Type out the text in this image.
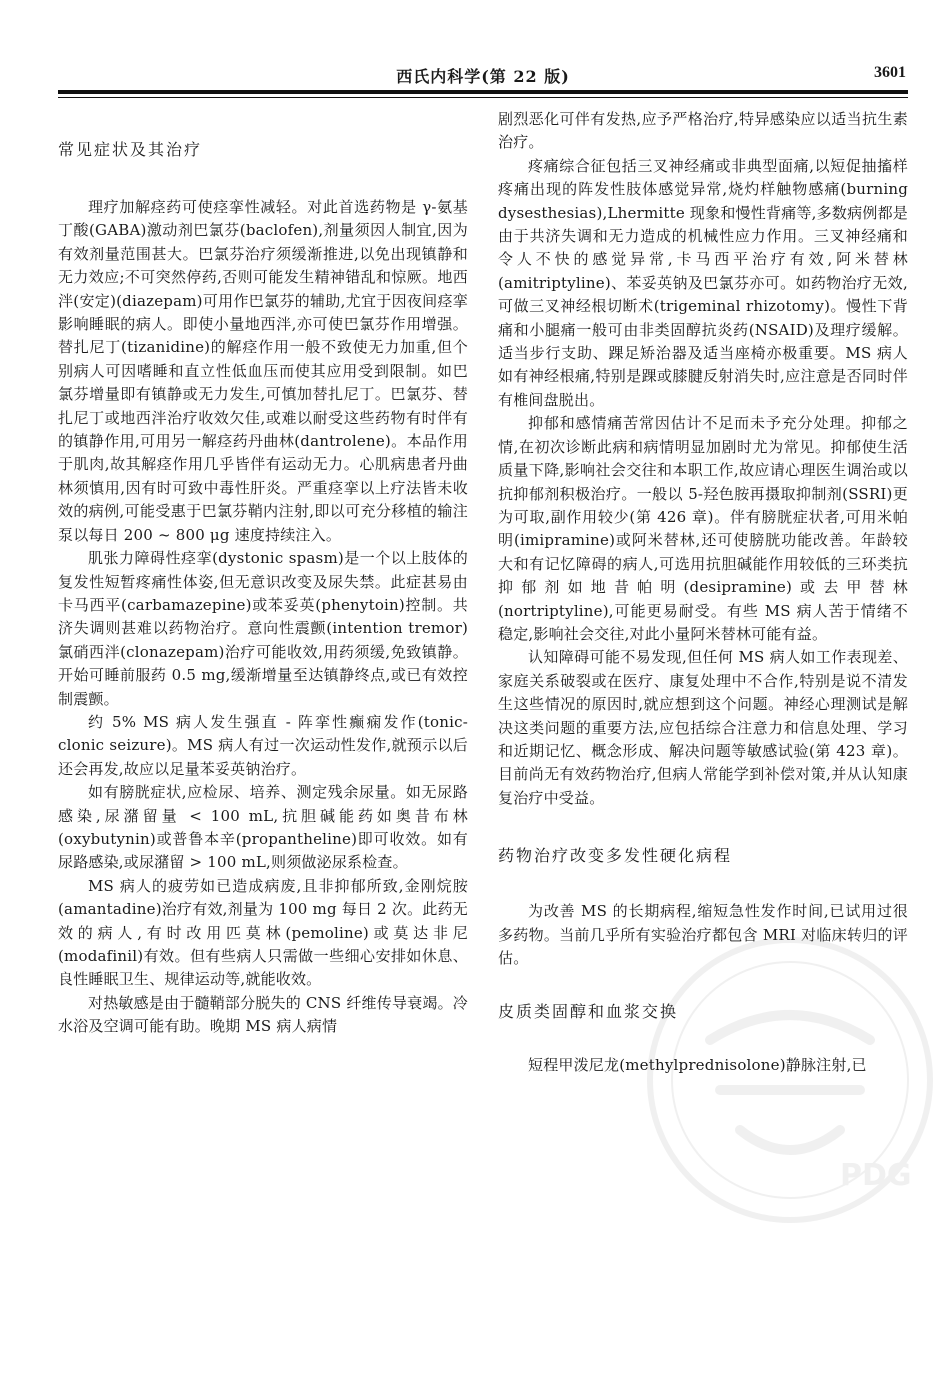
西氏内科学(第 22 版)	3601
常见症状及其治疗

理疗加解痉药可使痉挛性减轻。对此首选药物是 γ-氨基丁酸(GABA)激动剂巴氯芬(baclofen),剂量须因人制宜,因为有效剂量范围甚大。巴氯芬治疗须缓渐推进,以免出现镇静和无力效应;不可突然停药,否则可能发生精神错乱和惊厥。地西泮(安定)(diazepam)可用作巴氯芬的辅助,尤宜于因夜间痉挛影响睡眠的病人。即使小量地西泮,亦可使巴氯芬作用增强。替扎尼丁(tizanidine)的解痉作用一般不致使无力加重,但个别病人可因嗜睡和直立性低血压而使其应用受到限制。如巴氯芬增量即有镇静或无力发生,可慎加替扎尼丁。巴氯芬、替扎尼丁或地西泮治疗收效欠佳,或难以耐受这些药物有时伴有的镇静作用,可用另一解痉药丹曲林(dantrolene)。本品作用于肌肉,故其解痉作用几乎皆伴有运动无力。心肌病患者丹曲林须慎用,因有时可致中毒性肝炎。严重痉挛以上疗法皆未收效的病例,可能受惠于巴氯芬鞘内注射,即以可充分移植的输注泵以每日 200 ~ 800 μg 速度持续注入。

肌张力障碍性痉挛(dystonic spasm)是一个以上肢体的复发性短暂疼痛性体姿,但无意识改变及尿失禁。此症甚易由卡马西平(carbamazepine)或苯妥英(phenytoin)控制。共济失调则甚难以药物治疗。意向性震颤(intention tremor)氯硝西泮(clonazepam)治疗可能收效,用药须缓,免致镇静。开始可睡前服药 0.5 mg,缓渐增量至达镇静终点,或已有效控制震颤。

约 5% MS 病人发生强直 - 阵挛性癫痫发作(tonic-clonic seizure)。MS 病人有过一次运动性发作,就预示以后还会再发,故应以足量苯妥英钠治疗。

如有膀胱症状,应检尿、培养、测定残余尿量。如无尿路感染,尿潴留量 < 100 mL,抗胆碱能药如奥昔布林(oxybutynin)或普鲁本辛(propantheline)即可收效。如有尿路感染,或尿潴留 > 100 mL,则须做泌尿系检查。

MS 病人的疲劳如已造成病废,且非抑郁所致,金刚烷胺(amantadine)治疗有效,剂量为 100 mg 每日 2 次。此药无效的病人,有时改用匹莫林(pemoline)或莫达非尼(modafinil)有效。但有些病人只需做一些细心安排如休息、良性睡眠卫生、规律运动等,就能收效。

对热敏感是由于髓鞘部分脱失的 CNS 纤维传导衰竭。冷水浴及空调可能有助。晚期 MS 病人病情

剧烈恶化可伴有发热,应予严格治疗,特异感染应以适当抗生素治疗。

疼痛综合征包括三叉神经痛或非典型面痛,以短促抽搐样疼痛出现的阵发性肢体感觉异常,烧灼样触物感痛(burning dysesthesias),Lhermitte 现象和慢性背痛等,多数病例都是由于共济失调和无力造成的机械性应力作用。三叉神经痛和令人不快的感觉异常,卡马西平治疗有效,阿米替林(amitriptyline)、苯妥英钠及巴氯芬亦可。如药物治疗无效,可做三叉神经根切断术(trigeminal rhizotomy)。慢性下背痛和小腿痛一般可由非类固醇抗炎药(NSAID)及理疗缓解。适当步行支助、踝足矫治器及适当座椅亦极重要。MS 病人如有神经根痛,特别是踝或膝腱反射消失时,应注意是否同时伴有椎间盘脱出。

抑郁和感情痛苦常因估计不足而未予充分处理。抑郁之情,在初次诊断此病和病情明显加剧时尤为常见。抑郁使生活质量下降,影响社会交往和本职工作,故应请心理医生调治或以抗抑郁剂积极治疗。一般以 5-羟色胺再摄取抑制剂(SSRI)更为可取,副作用较少(第 426 章)。伴有膀胱症状者,可用米帕明(imipramine)或阿米替林,还可使膀胱功能改善。年龄较大和有记忆障碍的病人,可选用抗胆碱能作用较低的三环类抗抑郁剂如地昔帕明(desipramine)或去甲替林(nortriptyline),可能更易耐受。有些 MS 病人苦于情绪不稳定,影响社会交往,对此小量阿米替林可能有益。

认知障碍可能不易发现,但任何 MS 病人如工作表现差、家庭关系破裂或在医疗、康复处理中不合作,特别是说不清发生这些情况的原因时,就应想到这个问题。神经心理测试是解决这类问题的重要方法,应包括综合注意力和信息处理、学习和近期记忆、概念形成、解决问题等敏感试验(第 423 章)。目前尚无有效药物治疗,但病人常能学到补偿对策,并从认知康复治疗中受益。

药物治疗改变多发性硬化病程

为改善 MS 的长期病程,缩短急性发作时间,已试用过很多药物。当前几乎所有实验治疗都包含 MRI 对临床转归的评估。

皮质类固醇和血浆交换

短程甲泼尼龙(methylprednisolone)静脉注射,已

PDG
